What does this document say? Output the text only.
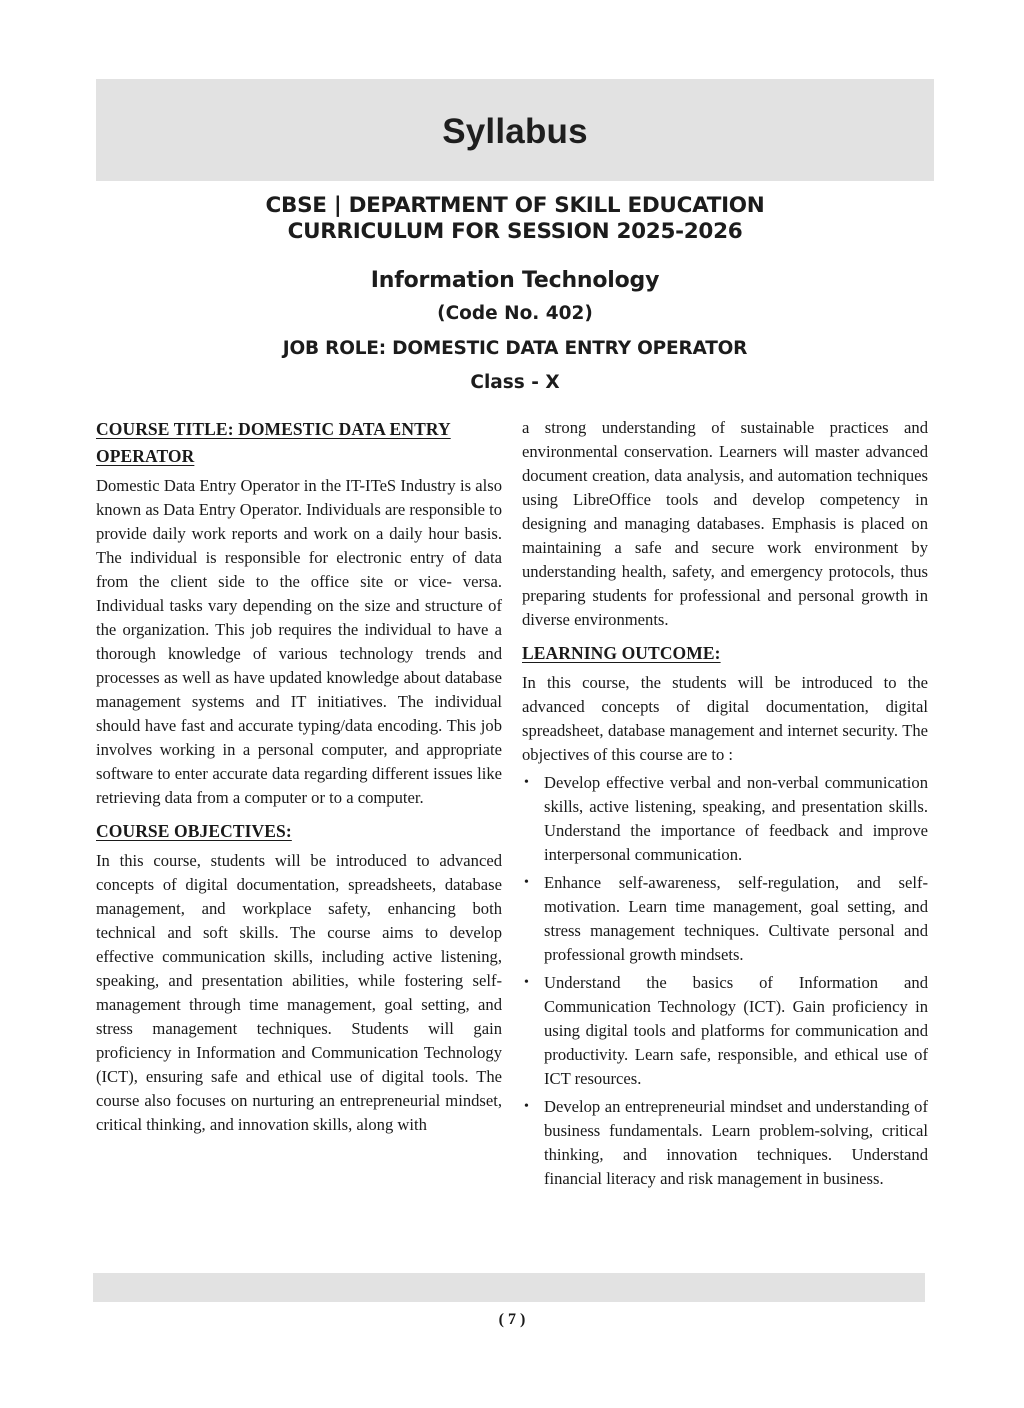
Syllabus
CBSE | DEPARTMENT OF SKILL EDUCATION
CURRICULUM FOR SESSION 2025-2026
Information Technology
(Code No. 402)
JOB ROLE: DOMESTIC DATA ENTRY OPERATOR
Class - X
COURSE TITLE: DOMESTIC DATA ENTRY OPERATOR

Domestic Data Entry Operator in the IT-ITeS Industry is also known as Data Entry Operator. Individuals are responsible to provide daily work reports and work on a daily hour basis. The individual is responsible for electronic entry of data from the client side to the office site or vice- versa. Individual tasks vary depending on the size and structure of the organization. This job requires the individual to have a thorough knowledge of various technology trends and processes as well as have updated knowledge about database management systems and IT initiatives. The individual should have fast and accurate typing/data encoding. This job involves working in a personal computer, and appropriate software to enter accurate data regarding different issues like retrieving data from a computer or to a computer.

COURSE OBJECTIVES:

In this course, students will be introduced to advanced concepts of digital documentation, spreadsheets, database management, and workplace safety, enhancing both technical and soft skills. The course aims to develop effective communication skills, including active listening, speaking, and presentation abilities, while fostering self-management through time management, goal setting, and stress management techniques. Students will gain proficiency in Information and Communication Technology (ICT), ensuring safe and ethical use of digital tools. The course also focuses on nurturing an entrepreneurial mindset, critical thinking, and innovation skills, along with

a strong understanding of sustainable practices and environmental conservation. Learners will master advanced document creation, data analysis, and automation techniques using LibreOffice tools and develop competency in designing and managing databases. Emphasis is placed on maintaining a safe and secure work environment by understanding health, safety, and emergency protocols, thus preparing students for professional and personal growth in diverse environments.

LEARNING OUTCOME:

In this course, the students will be introduced to the advanced concepts of digital documentation, digital spreadsheet, database management and internet security. The objectives of this course are to :

• Develop effective verbal and non-verbal communication skills, active listening, speaking, and presentation skills. Understand the importance of feedback and improve interpersonal communication.
• Enhance self-awareness, self-regulation, and self-motivation. Learn time management, goal setting, and stress management techniques. Cultivate personal and professional growth mindsets.
• Understand the basics of Information and Communication Technology (ICT). Gain proficiency in using digital tools and platforms for communication and productivity. Learn safe, responsible, and ethical use of ICT resources.
• Develop an entrepreneurial mindset and understanding of business fundamentals. Learn problem-solving, critical thinking, and innovation techniques. Understand financial literacy and risk management in business.
( 7 )
